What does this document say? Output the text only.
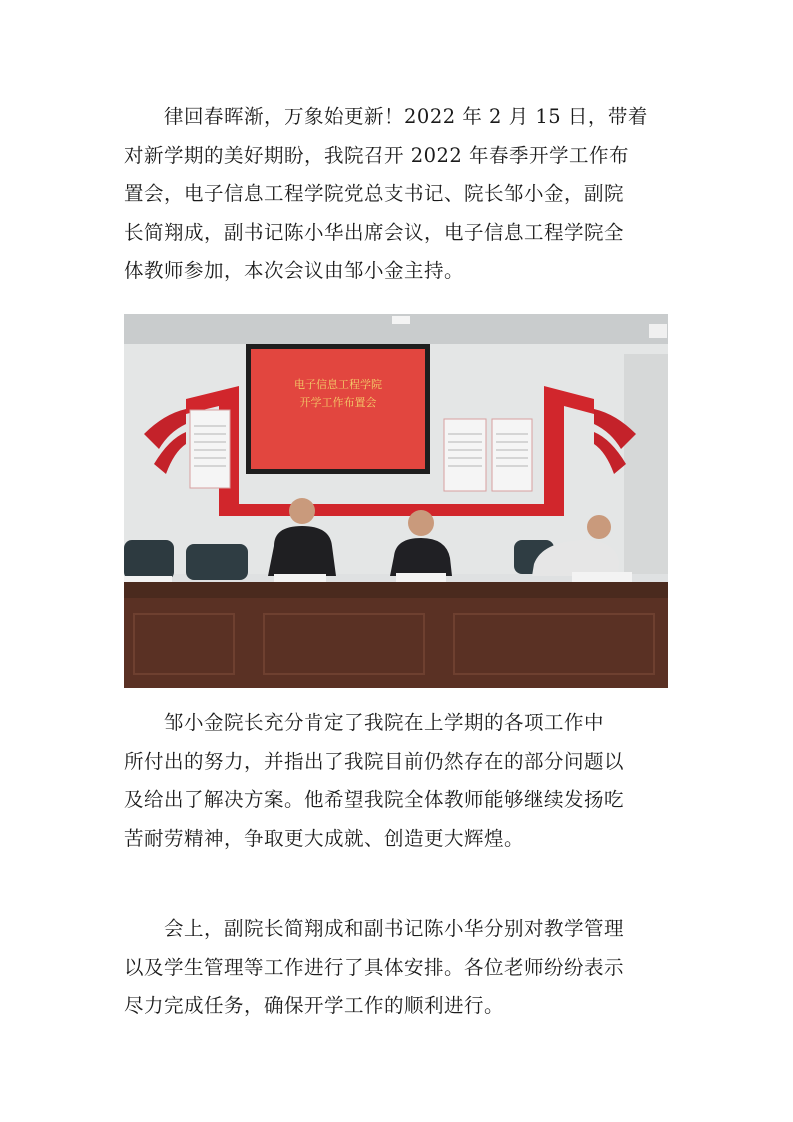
　　律回春晖渐，万象始更新！2022 年 2 月 15 日，带着
对新学期的美好期盼，我院召开 2022 年春季开学工作布
置会，电子信息工程学院党总支书记、院长邹小金，副院
长简翔成，副书记陈小华出席会议，电子信息工程学院全
体教师参加，本次会议由邹小金主持。

电子信息工程学院
开学工作布置会

　　邹小金院长充分肯定了我院在上学期的各项工作中
所付出的努力，并指出了我院目前仍然存在的部分问题以
及给出了解决方案。他希望我院全体教师能够继续发扬吃
苦耐劳精神，争取更大成就、创造更大辉煌。

　　会上，副院长简翔成和副书记陈小华分别对教学管理
以及学生管理等工作进行了具体安排。各位老师纷纷表示
尽力完成任务，确保开学工作的顺利进行。
